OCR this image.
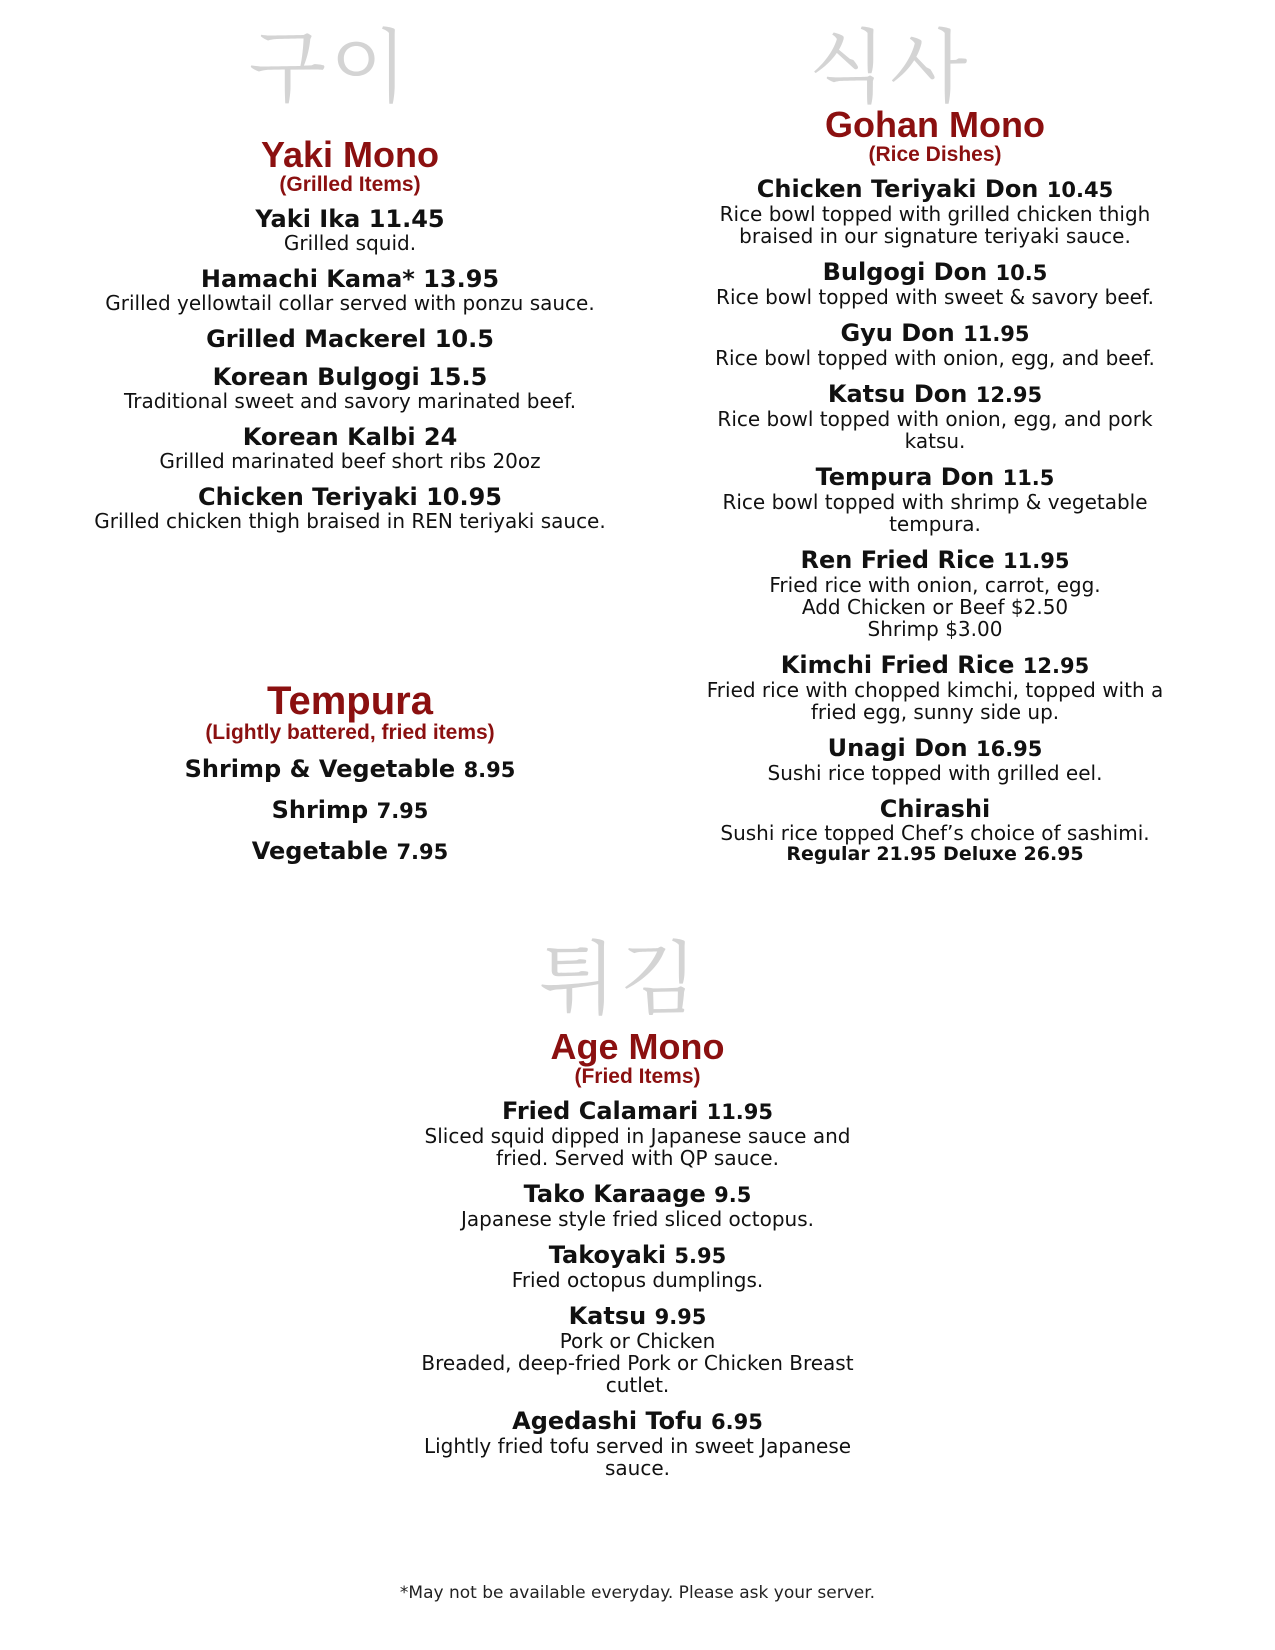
구이	식사
튀김
Yaki Mono
(Grilled Items)
Yaki Ika 11.45
Grilled squid.
Hamachi Kama* 13.95
Grilled yellowtail collar served with ponzu sauce.
Grilled Mackerel 10.5
Korean Bulgogi 15.5
Traditional sweet and savory marinated beef.
Korean Kalbi 24
Grilled marinated beef short ribs 20oz
Chicken Teriyaki 10.95
Grilled chicken thigh braised in REN teriyaki sauce.
Tempura
(Lightly battered, fried items)
Shrimp & Vegetable 8.95
Shrimp 7.95
Vegetable 7.95
Gohan Mono
(Rice Dishes)
Chicken Teriyaki Don 10.45
Rice bowl topped with grilled chicken thigh
braised in our signature teriyaki sauce.
Bulgogi Don 10.5
Rice bowl topped with sweet & savory beef.
Gyu Don 11.95
Rice bowl topped with onion, egg, and beef.
Katsu Don 12.95
Rice bowl topped with onion, egg, and pork
katsu.
Tempura Don 11.5
Rice bowl topped with shrimp & vegetable
tempura.
Ren Fried Rice 11.95
Fried rice with onion, carrot, egg.
Add Chicken or Beef $2.50
Shrimp $3.00
Kimchi Fried Rice 12.95
Fried rice with chopped kimchi, topped with a
fried egg, sunny side up.
Unagi Don 16.95
Sushi rice topped with grilled eel.
Chirashi
Sushi rice topped Chef’s choice of sashimi.
Regular 21.95 Deluxe 26.95
Age Mono
(Fried Items)
Fried Calamari 11.95
Sliced squid dipped in Japanese sauce and
fried. Served with QP sauce.
Tako Karaage 9.5
Japanese style fried sliced octopus.
Takoyaki 5.95
Fried octopus dumplings.
Katsu 9.95
Pork or Chicken
Breaded, deep-fried Pork or Chicken Breast
cutlet.
Agedashi Tofu 6.95
Lightly fried tofu served in sweet Japanese
sauce.
*May not be available everyday. Please ask your server.
